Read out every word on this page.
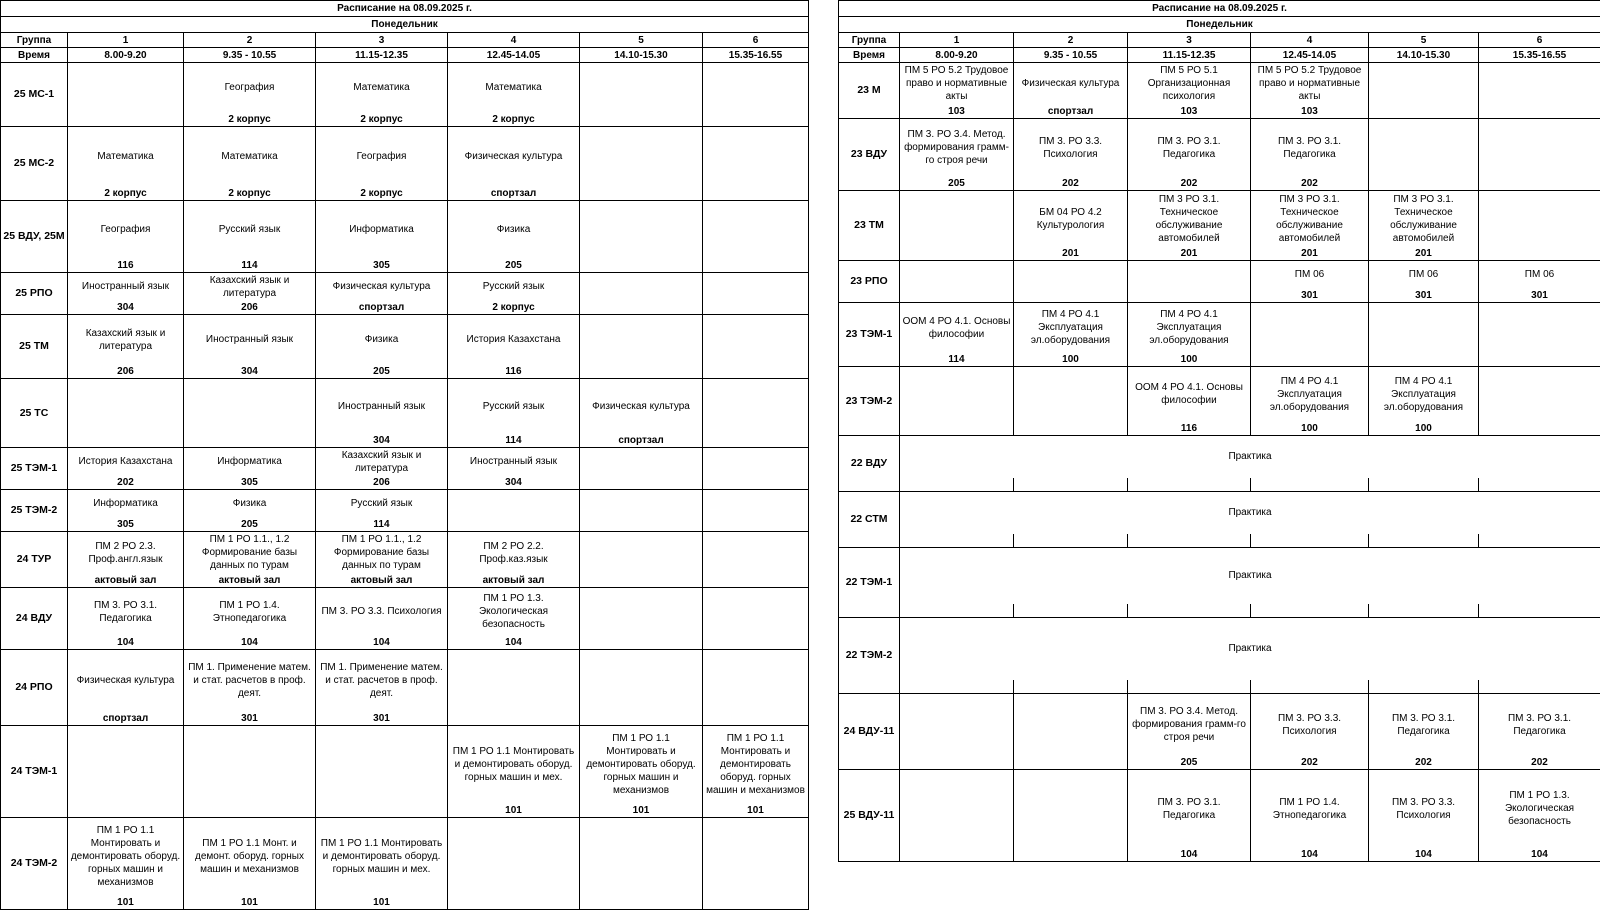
Расписание на 08.09.2025 г.						
Понедельник						
Группа	1	2	3	4	5	6
Время	8.00-9.20	9.35 - 10.55	11.15-12.35	12.45-14.05	14.10-15.30	15.35-16.55
25 МС-1		География	Математика	Математика		
		2 корпус	2 корпус	2 корпус		
25 МС-2	Математика	Математика	География	Физическая культура		
	2 корпус	2 корпус	2 корпус	спортзал		
25 ВДУ, 25М	География	Русский язык	Информатика	Физика		
	116	114	305	205		
25 РПО	Иностранный язык	Казахский язык и литература	Физическая культура	Русский язык		
	304	206	спортзал	2 корпус		
25 ТМ	Казахский язык и литература	Иностранный язык	Физика	История Казахстана		
	206	304	205	116		
25 ТС			Иностранный язык	Русский язык	Физическая культура	
			304	114	спортзал	
25 ТЭМ-1	История Казахстана	Информатика	Казахский язык и литература	Иностранный язык		
	202	305	206	304		
25 ТЭМ-2	Информатика	Физика	Русский язык			
	305	205	114			
24 ТУР	ПМ 2 РО 2.3. Проф.англ.язык	ПМ 1 РО 1.1., 1.2 Формирование базы данных по турам	ПМ 1 РО 1.1., 1.2 Формирование базы данных по турам	ПМ 2 РО 2.2. Проф.каз.язык		
	актовый зал	актовый зал	актовый зал	актовый зал		
24 ВДУ	ПМ 3. РО 3.1. Педагогика	ПМ 1 РО 1.4. Этнопедагогика	ПМ 3. РО 3.3. Психология	ПМ 1 РО 1.3. Экологическая безопасность		
	104	104	104	104		
24 РПО	Физическая культура	ПМ 1. Применение матем. и стат. расчетов в проф. деят.	ПМ 1. Применение матем. и стат. расчетов в проф. деят.			
	спортзал	301	301			
24 ТЭМ-1				ПМ 1 РО 1.1 Монтировать и демонтировать оборуд. горных машин и мех.	ПМ 1 РО 1.1 Монтировать и демонтировать оборуд. горных машин и механизмов	ПМ 1 РО 1.1 Монтировать и демонтировать оборуд. горных машин и механизмов
				101	101	101
24 ТЭМ-2	ПМ 1 РО 1.1 Монтировать и демонтировать оборуд. горных машин и механизмов	ПМ 1 РО 1.1 Монт. и демонт. оборуд. горных машин и механизмов	ПМ 1 РО 1.1 Монтировать и демонтировать оборуд. горных машин и мех.			
	101	101	101			
Расписание на 08.09.2025 г.						
Понедельник						
Группа	1	2	3	4	5	6
Время	8.00-9.20	9.35 - 10.55	11.15-12.35	12.45-14.05	14.10-15.30	15.35-16.55
23 М	ПМ 5 РО 5.2 Трудовое право и нормативные акты	Физическая культура	ПМ 5 РО 5.1 Организационная психология	ПМ 5 РО 5.2 Трудовое право и нормативные акты		
	103	спортзал	103	103		
23 ВДУ	ПМ 3. РО 3.4. Метод. формирования грамм-го строя речи	ПМ 3. РО 3.3. Психология	ПМ 3. РО 3.1. Педагогика	ПМ 3. РО 3.1. Педагогика		
	205	202	202	202		
23 ТМ		БМ 04 РО 4.2 Культурология	ПМ 3 РО 3.1. Техническое обслуживание автомобилей	ПМ 3 РО 3.1. Техническое обслуживание автомобилей	ПМ 3 РО 3.1. Техническое обслуживание автомобилей	
		201	201	201	201	
23 РПО				ПМ 06	ПМ 06	ПМ 06
				301	301	301
23 ТЭМ-1	ООМ 4 РО 4.1. Основы философии	ПМ 4 РО 4.1 Эксплуатация эл.оборудования	ПМ 4 РО 4.1 Эксплуатация эл.оборудования			
	114	100	100			
23 ТЭМ-2			ООМ 4 РО 4.1. Основы философии	ПМ 4 РО 4.1 Эксплуатация эл.оборудования	ПМ 4 РО 4.1 Эксплуатация эл.оборудования	
			116	100	100	
22 ВДУ	Практика					

22 СТМ	Практика					

22 ТЭМ-1	Практика					

22 ТЭМ-2	Практика					

24 ВДУ-11			ПМ 3. РО 3.4. Метод. формирования грамм-го строя речи	ПМ 3. РО 3.3. Психология	ПМ 3. РО 3.1. Педагогика	ПМ 3. РО 3.1. Педагогика
			205	202	202	202
25 ВДУ-11			ПМ 3. РО 3.1. Педагогика	ПМ 1 РО 1.4. Этнопедагогика	ПМ 3. РО 3.3. Психология	ПМ 1 РО 1.3. Экологическая безопасность
			104	104	104	104
